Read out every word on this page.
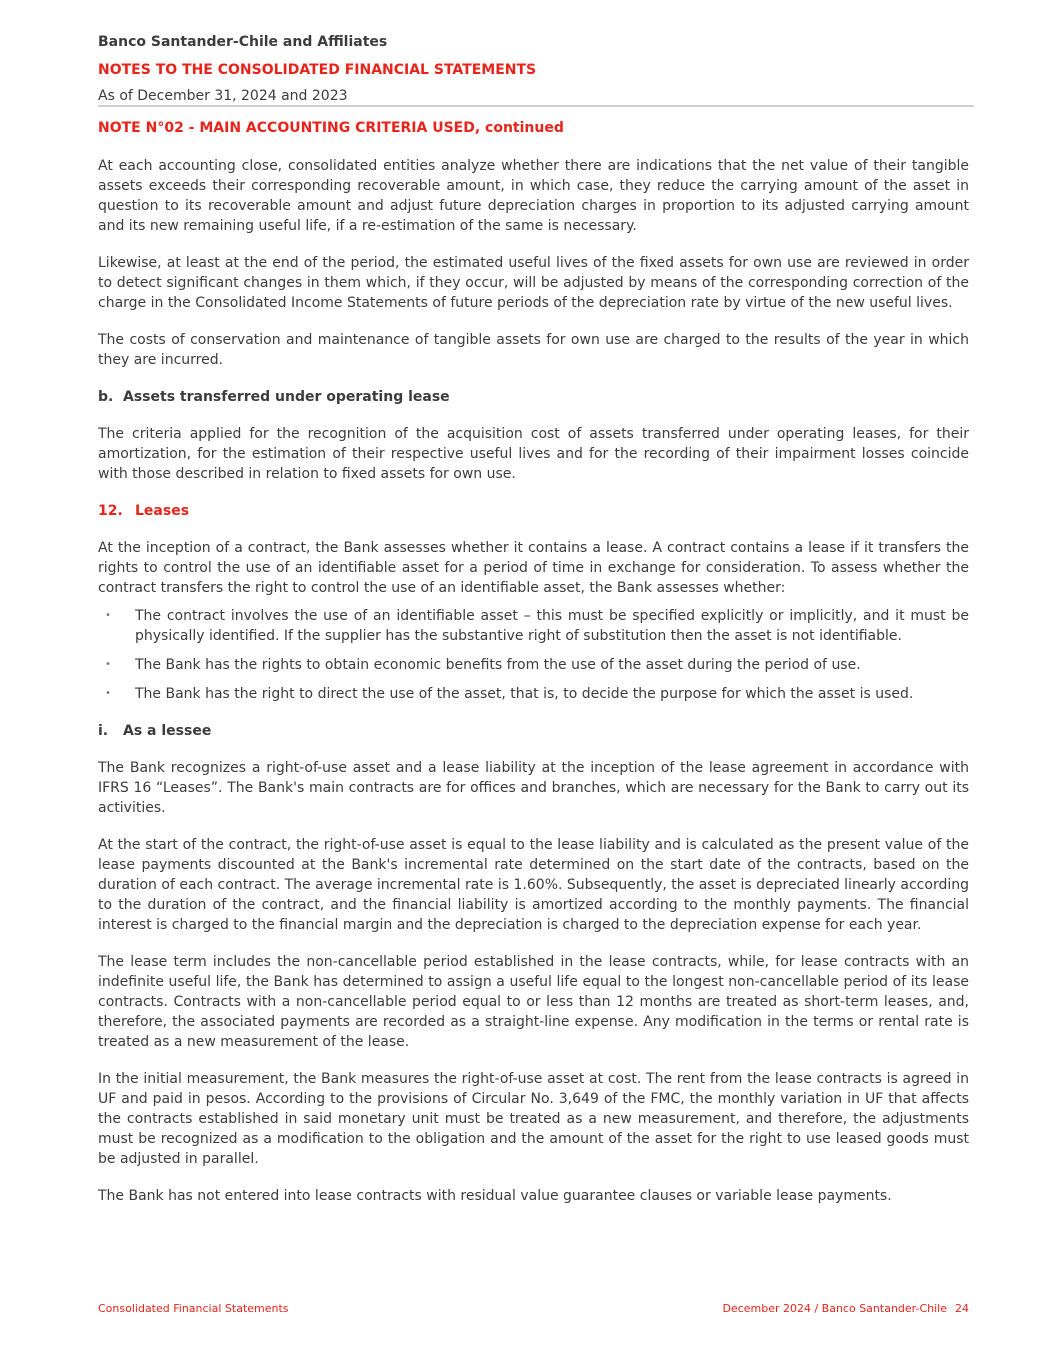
Banco Santander-Chile and Affiliates
NOTES TO THE CONSOLIDATED FINANCIAL STATEMENTS
As of December 31, 2024 and 2023
NOTE N°02 - MAIN ACCOUNTING CRITERIA USED, continued

At each accounting close, consolidated entities analyze whether there are indications that the net value of their tangible assets exceeds their corresponding recoverable amount, in which case, they reduce the carrying amount of the asset in question to its recoverable amount and adjust future depreciation charges in proportion to its adjusted carrying amount and its new remaining useful life, if a re-estimation of the same is necessary.

Likewise, at least at the end of the period, the estimated useful lives of the fixed assets for own use are reviewed in order to detect significant changes in them which, if they occur, will be adjusted by means of the corresponding correction of the charge in the Consolidated Income Statements of future periods of the depreciation rate by virtue of the new useful lives.

The costs of conservation and maintenance of tangible assets for own use are charged to the results of the year in which they are incurred.

b. Assets transferred under operating lease

The criteria applied for the recognition of the acquisition cost of assets transferred under operating leases, for their amortization, for the estimation of their respective useful lives and for the recording of their impairment losses coincide with those described in relation to fixed assets for own use.

12. Leases

At the inception of a contract, the Bank assesses whether it contains a lease. A contract contains a lease if it transfers the rights to control the use of an identifiable asset for a period of time in exchange for consideration. To assess whether the contract transfers the right to control the use of an identifiable asset, the Bank assesses whether:

• The contract involves the use of an identifiable asset – this must be specified explicitly or implicitly, and it must be physically identified. If the supplier has the substantive right of substitution then the asset is not identifiable.
• The Bank has the rights to obtain economic benefits from the use of the asset during the period of use.
• The Bank has the right to direct the use of the asset, that is, to decide the purpose for which the asset is used.
i. As a lessee

The Bank recognizes a right-of-use asset and a lease liability at the inception of the lease agreement in accordance with IFRS 16 “Leases”. The Bank's main contracts are for offices and branches, which are necessary for the Bank to carry out its activities.

At the start of the contract, the right-of-use asset is equal to the lease liability and is calculated as the present value of the lease payments discounted at the Bank's incremental rate determined on the start date of the contracts, based on the duration of each contract. The average incremental rate is 1.60%. Subsequently, the asset is depreciated linearly according to the duration of the contract, and the financial liability is amortized according to the monthly payments. The financial interest is charged to the financial margin and the depreciation is charged to the depreciation expense for each year.

The lease term includes the non-cancellable period established in the lease contracts, while, for lease contracts with an indefinite useful life, the Bank has determined to assign a useful life equal to the longest non-cancellable period of its lease contracts. Contracts with a non-cancellable period equal to or less than 12 months are treated as short-term leases, and, therefore, the associated payments are recorded as a straight-line expense. Any modification in the terms or rental rate is treated as a new measurement of the lease.

In the initial measurement, the Bank measures the right-of-use asset at cost. The rent from the lease contracts is agreed in UF and paid in pesos. According to the provisions of Circular No. 3,649 of the FMC, the monthly variation in UF that affects the contracts established in said monetary unit must be treated as a new measurement, and therefore, the adjustments must be recognized as a modification to the obligation and the amount of the asset for the right to use leased goods must be adjusted in parallel.

The Bank has not entered into lease contracts with residual value guarantee clauses or variable lease payments.

Consolidated Financial Statements	December 2024 / Banco Santander-Chile 24
